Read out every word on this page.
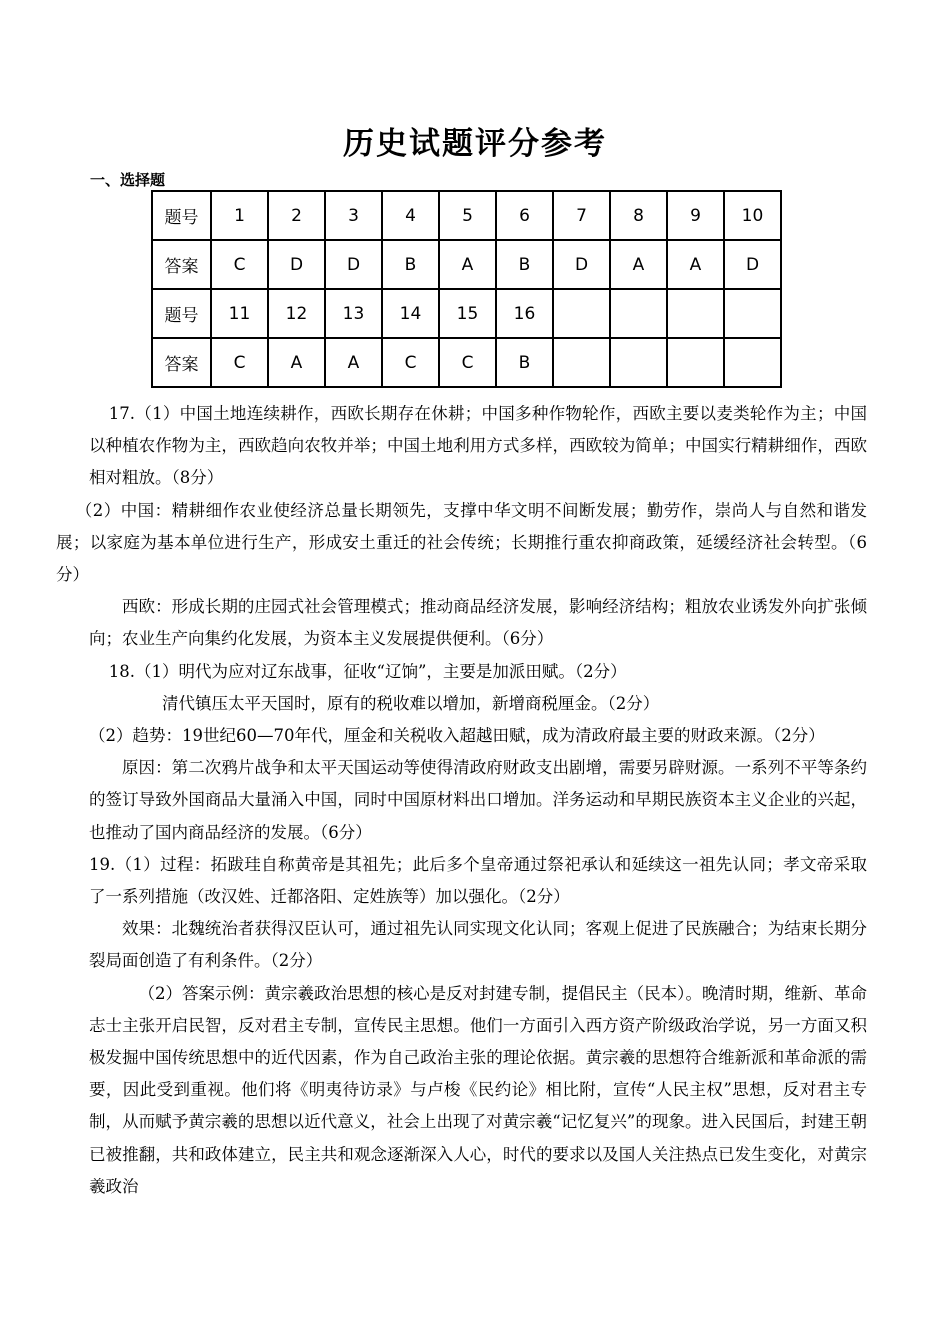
历史试题评分参考
一、选择题
题号	1	2	3	4	5	6	7	8	9	10
答案	C	D	D	B	A	B	D	A	A	D
题号	11	12	13	14	15	16				
答案	C	A	A	C	C	B				

17.（1）中国土地连续耕作，西欧长期存在休耕；中国多种作物轮作，西欧主要以麦类轮作为主；中国以种植农作物为主，西欧趋向农牧并举；中国土地利用方式多样，西欧较为简单；中国实行精耕细作，西欧相对粗放。（8分）

（2）中国：精耕细作农业使经济总量长期领先，支撑中华文明不间断发展；勤劳作，崇尚人与自然和谐发展；以家庭为基本单位进行生产，形成安土重迁的社会传统；长期推行重农抑商政策，延缓经济社会转型。（6分）

西欧：形成长期的庄园式社会管理模式；推动商品经济发展，影响经济结构；粗放农业诱发外向扩张倾向；农业生产向集约化发展，为资本主义发展提供便利。（6分）

18.（1）明代为应对辽东战事，征收“辽饷”，主要是加派田赋。（2分）

清代镇压太平天国时，原有的税收难以增加，新增商税厘金。（2分）

（2）趋势：19世纪60—70年代，厘金和关税收入超越田赋，成为清政府最主要的财政来源。（2分）

原因：第二次鸦片战争和太平天国运动等使得清政府财政支出剧增，需要另辟财源。一系列不平等条约的签订导致外国商品大量涌入中国，同时中国原材料出口增加。洋务运动和早期民族资本主义企业的兴起，也推动了国内商品经济的发展。（6分）

19.（1）过程：拓跋珪自称黄帝是其祖先；此后多个皇帝通过祭祀承认和延续这一祖先认同；孝文帝采取了一系列措施（改汉姓、迁都洛阳、定姓族等）加以强化。（2分）

效果：北魏统治者获得汉臣认可，通过祖先认同实现文化认同；客观上促进了民族融合；为结束长期分裂局面创造了有利条件。（2分）

（2）答案示例：黄宗羲政治思想的核心是反对封建专制，提倡民主（民本）。晚清时期，维新、革命志士主张开启民智，反对君主专制，宣传民主思想。他们一方面引入西方资产阶级政治学说，另一方面又积极发掘中国传统思想中的近代因素，作为自己政治主张的理论依据。黄宗羲的思想符合维新派和革命派的需要，因此受到重视。他们将《明夷待访录》与卢梭《民约论》相比附，宣传“人民主权”思想，反对君主专制，从而赋予黄宗羲的思想以近代意义，社会上出现了对黄宗羲“记忆复兴”的现象。进入民国后，封建王朝已被推翻，共和政体建立，民主共和观念逐渐深入人心，时代的要求以及国人关注热点已发生变化，对黄宗羲政治
